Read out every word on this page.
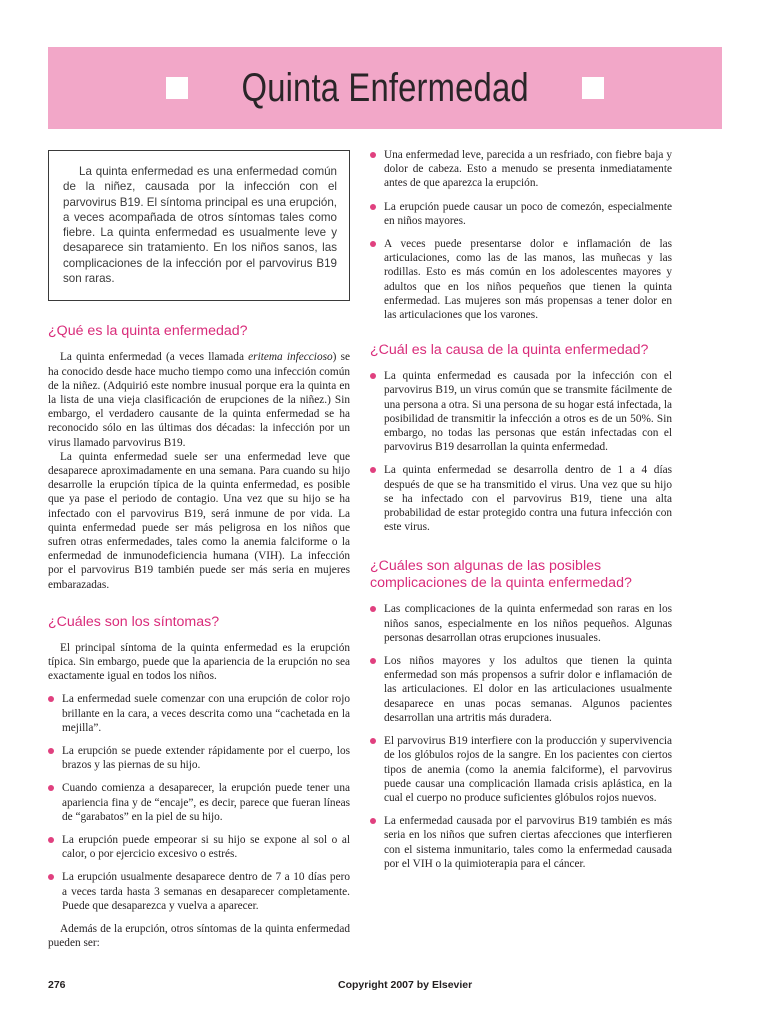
Quinta Enfermedad

La quinta enfermedad es una enfermedad común de la niñez, causada por la infección con el parvovirus B19. El síntoma principal es una erupción, a veces acompañada de otros síntomas tales como fiebre. La quinta enfermedad es usualmente leve y desaparece sin tratamiento. En los niños sanos, las complicaciones de la infección por el parvovirus B19 son raras.

¿Qué es la quinta enfermedad?

La quinta enfermedad (a veces llamada eritema infeccioso) se ha conocido desde hace mucho tiempo como una infección común de la niñez. (Adquirió este nombre inusual porque era la quinta en la lista de una vieja clasificación de erupciones de la niñez.) Sin embargo, el verdadero causante de la quinta enfermedad se ha reconocido sólo en las últimas dos décadas: la infección por un virus llamado parvovirus B19.

La quinta enfermedad suele ser una enfermedad leve que desaparece aproximadamente en una semana. Para cuando su hijo desarrolle la erupción típica de la quinta enfermedad, es posible que ya pase el periodo de contagio. Una vez que su hijo se ha infectado con el parvovirus B19, será inmune de por vida. La quinta enfermedad puede ser más peligrosa en los niños que sufren otras enfermedades, tales como la anemia falciforme o la enfermedad de inmunodeficiencia humana (VIH). La infección por el parvovirus B19 también puede ser más seria en mujeres embarazadas.

¿Cuáles son los síntomas?

El principal síntoma de la quinta enfermedad es la erupción típica. Sin embargo, puede que la apariencia de la erupción no sea exactamente igual en todos los niños.

La enfermedad suele comenzar con una erupción de color rojo brillante en la cara, a veces descrita como una “cachetada en la mejilla”.
La erupción se puede extender rápidamente por el cuerpo, los brazos y las piernas de su hijo.
Cuando comienza a desaparecer, la erupción puede tener una apariencia fina y de “encaje”, es decir, parece que fueran líneas de “garabatos” en la piel de su hijo.
La erupción puede empeorar si su hijo se expone al sol o al calor, o por ejercicio excesivo o estrés.
La erupción usualmente desaparece dentro de 7 a 10 días pero a veces tarda hasta 3 semanas en desaparecer completamente. Puede que desaparezca y vuelva a aparecer.

Además de la erupción, otros síntomas de la quinta enfermedad pueden ser:

Una enfermedad leve, parecida a un resfriado, con fiebre baja y dolor de cabeza. Esto a menudo se presenta inmediatamente antes de que aparezca la erupción.
La erupción puede causar un poco de comezón, especialmente en niños mayores.
A veces puede presentarse dolor e inflamación de las articulaciones, como las de las manos, las muñecas y las rodillas. Esto es más común en los adolescentes mayores y adultos que en los niños pequeños que tienen la quinta enfermedad. Las mujeres son más propensas a tener dolor en las articulaciones que los varones.
¿Cuál es la causa de la quinta enfermedad?
La quinta enfermedad es causada por la infección con el parvovirus B19, un virus común que se transmite fácilmente de una persona a otra. Si una persona de su hogar está infectada, la posibilidad de transmitir la infección a otros es de un 50%. Sin embargo, no todas las personas que están infectadas con el parvovirus B19 desarrollan la quinta enfermedad.
La quinta enfermedad se desarrolla dentro de 1 a 4 días después de que se ha transmitido el virus. Una vez que su hijo se ha infectado con el parvovirus B19, tiene una alta probabilidad de estar protegido contra una futura infección con este virus.
¿Cuáles son algunas de las posibles complicaciones de la quinta enfermedad?
Las complicaciones de la quinta enfermedad son raras en los niños sanos, especialmente en los niños pequeños. Algunas personas desarrollan otras erupciones inusuales.
Los niños mayores y los adultos que tienen la quinta enfermedad son más propensos a sufrir dolor e inflamación de las articulaciones. El dolor en las articulaciones usualmente desaparece en unas pocas semanas. Algunos pacientes desarrollan una artritis más duradera.
El parvovirus B19 interfiere con la producción y supervivencia de los glóbulos rojos de la sangre. En los pacientes con ciertos tipos de anemia (como la anemia falciforme), el parvovirus puede causar una complicación llamada crisis aplástica, en la cual el cuerpo no produce suficientes glóbulos rojos nuevos.
La enfermedad causada por el parvovirus B19 también es más seria en los niños que sufren ciertas afecciones que interfieren con el sistema inmunitario, tales como la enfermedad causada por el VIH o la quimioterapia para el cáncer.
276	Copyright 2007 by Elsevier
